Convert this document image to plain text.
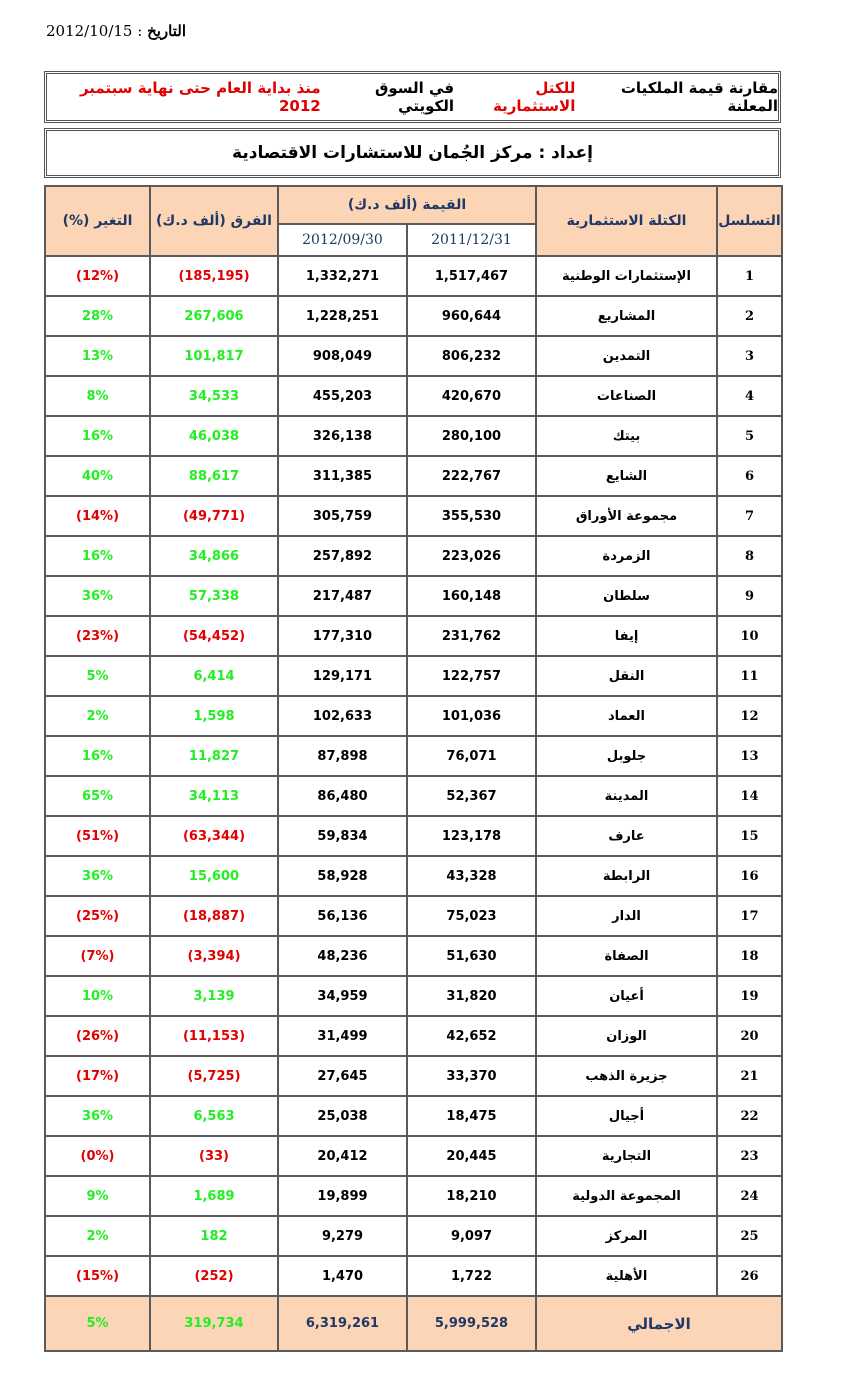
2012/10/15 : التاريخ
مقارنة قيمة الملكيات المعلنة
للكتل الاستثمارية
في السوق الكويتي
منذ بداية العام حتى نهاية سبتمبر 2012
إعداد : مركز الجُمان للاستشارات الاقتصادية
التسلسل	الكتلة الاستثمارية	القيمة (ألف د.ك)		الفرق (ألف د.ك)	التغير (%)
		2011/12/31	2012/09/30		
1	الإستثمارات الوطنية	1,517,467	1,332,271	(185,195)	(12%)
2	المشاريع	960,644	1,228,251	267,606	28%
3	التمدين	806,232	908,049	101,817	13%
4	الصناعات	420,670	455,203	34,533	8%
5	بيتك	280,100	326,138	46,038	16%
6	الشايع	222,767	311,385	88,617	40%
7	مجموعة الأوراق	355,530	305,759	(49,771)	(14%)
8	الزمردة	223,026	257,892	34,866	16%
9	سلطان	160,148	217,487	57,338	36%
10	إيفا	231,762	177,310	(54,452)	(23%)
11	النقل	122,757	129,171	6,414	5%
12	العماد	101,036	102,633	1,598	2%
13	جلوبل	76,071	87,898	11,827	16%
14	المدينة	52,367	86,480	34,113	65%
15	عارف	123,178	59,834	(63,344)	(51%)
16	الرابطة	43,328	58,928	15,600	36%
17	الدار	75,023	56,136	(18,887)	(25%)
18	الصفاة	51,630	48,236	(3,394)	(7%)
19	أعيان	31,820	34,959	3,139	10%
20	الوزان	42,652	31,499	(11,153)	(26%)
21	جزيرة الذهب	33,370	27,645	(5,725)	(17%)
22	أجيال	18,475	25,038	6,563	36%
23	التجارية	20,445	20,412	(33)	(0%)
24	المجموعة الدولية	18,210	19,899	1,689	9%
25	المركز	9,097	9,279	182	2%
26	الأهلية	1,722	1,470	(252)	(15%)
الاجمالي		5,999,528	6,319,261	319,734	5%
